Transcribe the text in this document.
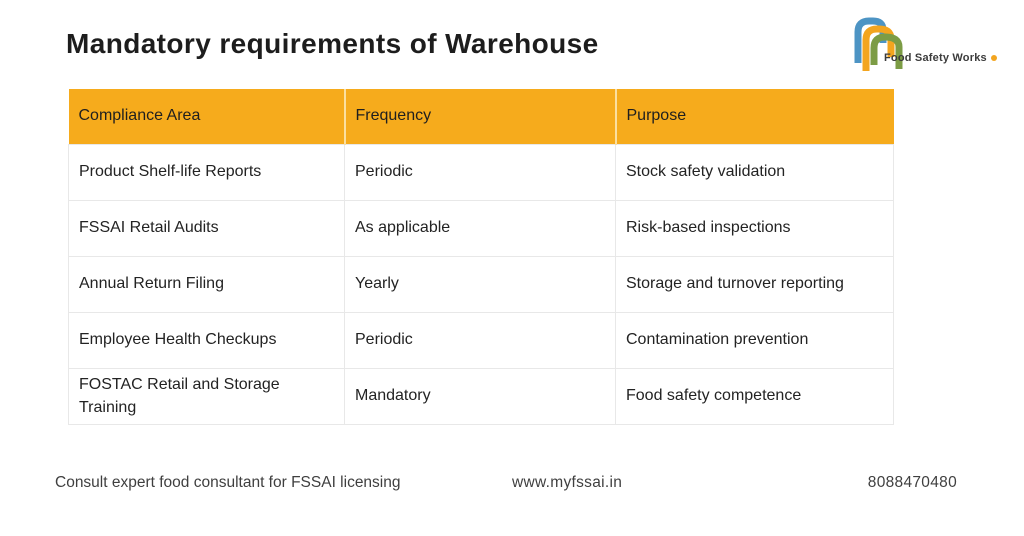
Mandatory requirements of Warehouse	Food Safety Works
Compliance Area	Frequency	Purpose
Product Shelf-life Reports	Periodic	Stock safety validation
FSSAI Retail Audits	As applicable	Risk-based inspections
Annual Return Filing	Yearly	Storage and turnover reporting
Employee Health Checkups	Periodic	Contamination prevention
FOSTAC Retail and Storage Training	Mandatory	Food safety competence
Consult expert food consultant for FSSAI licensing	www.myfssai.in	8088470480
